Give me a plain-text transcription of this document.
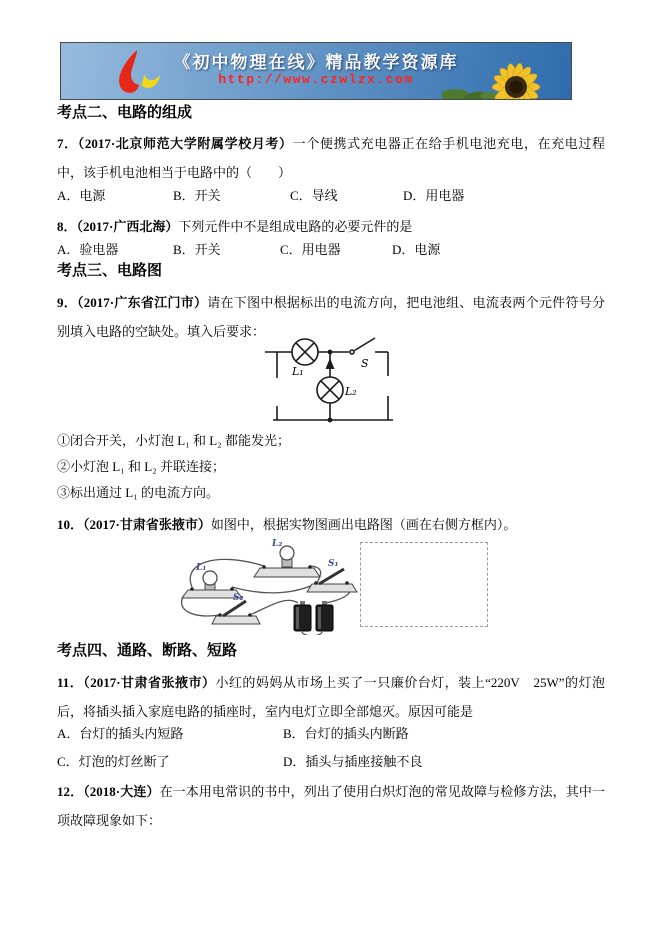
《初中物理在线》精品教学资源库
http://www.czwlzx.com
考点二、电路的组成

7．（2017·北京师范大学附属学校月考）一个便携式充电器正在给手机电池充电，在充电过程中，该手机电池相当于电路中的（　　）

A．电源	B．开关	C．导线	D．用电器

8．（2017·广西北海）下列元件中不是组成电路的必要元件的是

A．验电器	B．开关	C．用电器	D．电源
考点三、电路图

9．（2017·广东省江门市）请在下图中根据标出的电流方向，把电池组、电流表两个元件符号分别填入电路的空缺处。填入后要求：

L₁
S
L₂
①闭合开关，小灯泡 L₁ 和 L₂ 都能发光；
②小灯泡 L₁ 和 L₂ 并联连接；
③标出通过 L₁ 的电流方向。

10．（2017·甘肃省张掖市）如图中，根据实物图画出电路图（画在右侧方框内）。

L₂
L₁	S₁
S₂
考点四、通路、断路、短路

11．（2017·甘肃省张掖市）小红的妈妈从市场上买了一只廉价台灯，装上“220V　25W”的灯泡后，将插头插入家庭电路的插座时，室内电灯立即全部熄灭。原因可能是

A．台灯的插头内短路	B．台灯的插头内断路
C．灯泡的灯丝断了	D．插头与插座接触不良

12．（2018·大连）在一本用电常识的书中，列出了使用白炽灯泡的常见故障与检修方法，其中一项故障现象如下：
